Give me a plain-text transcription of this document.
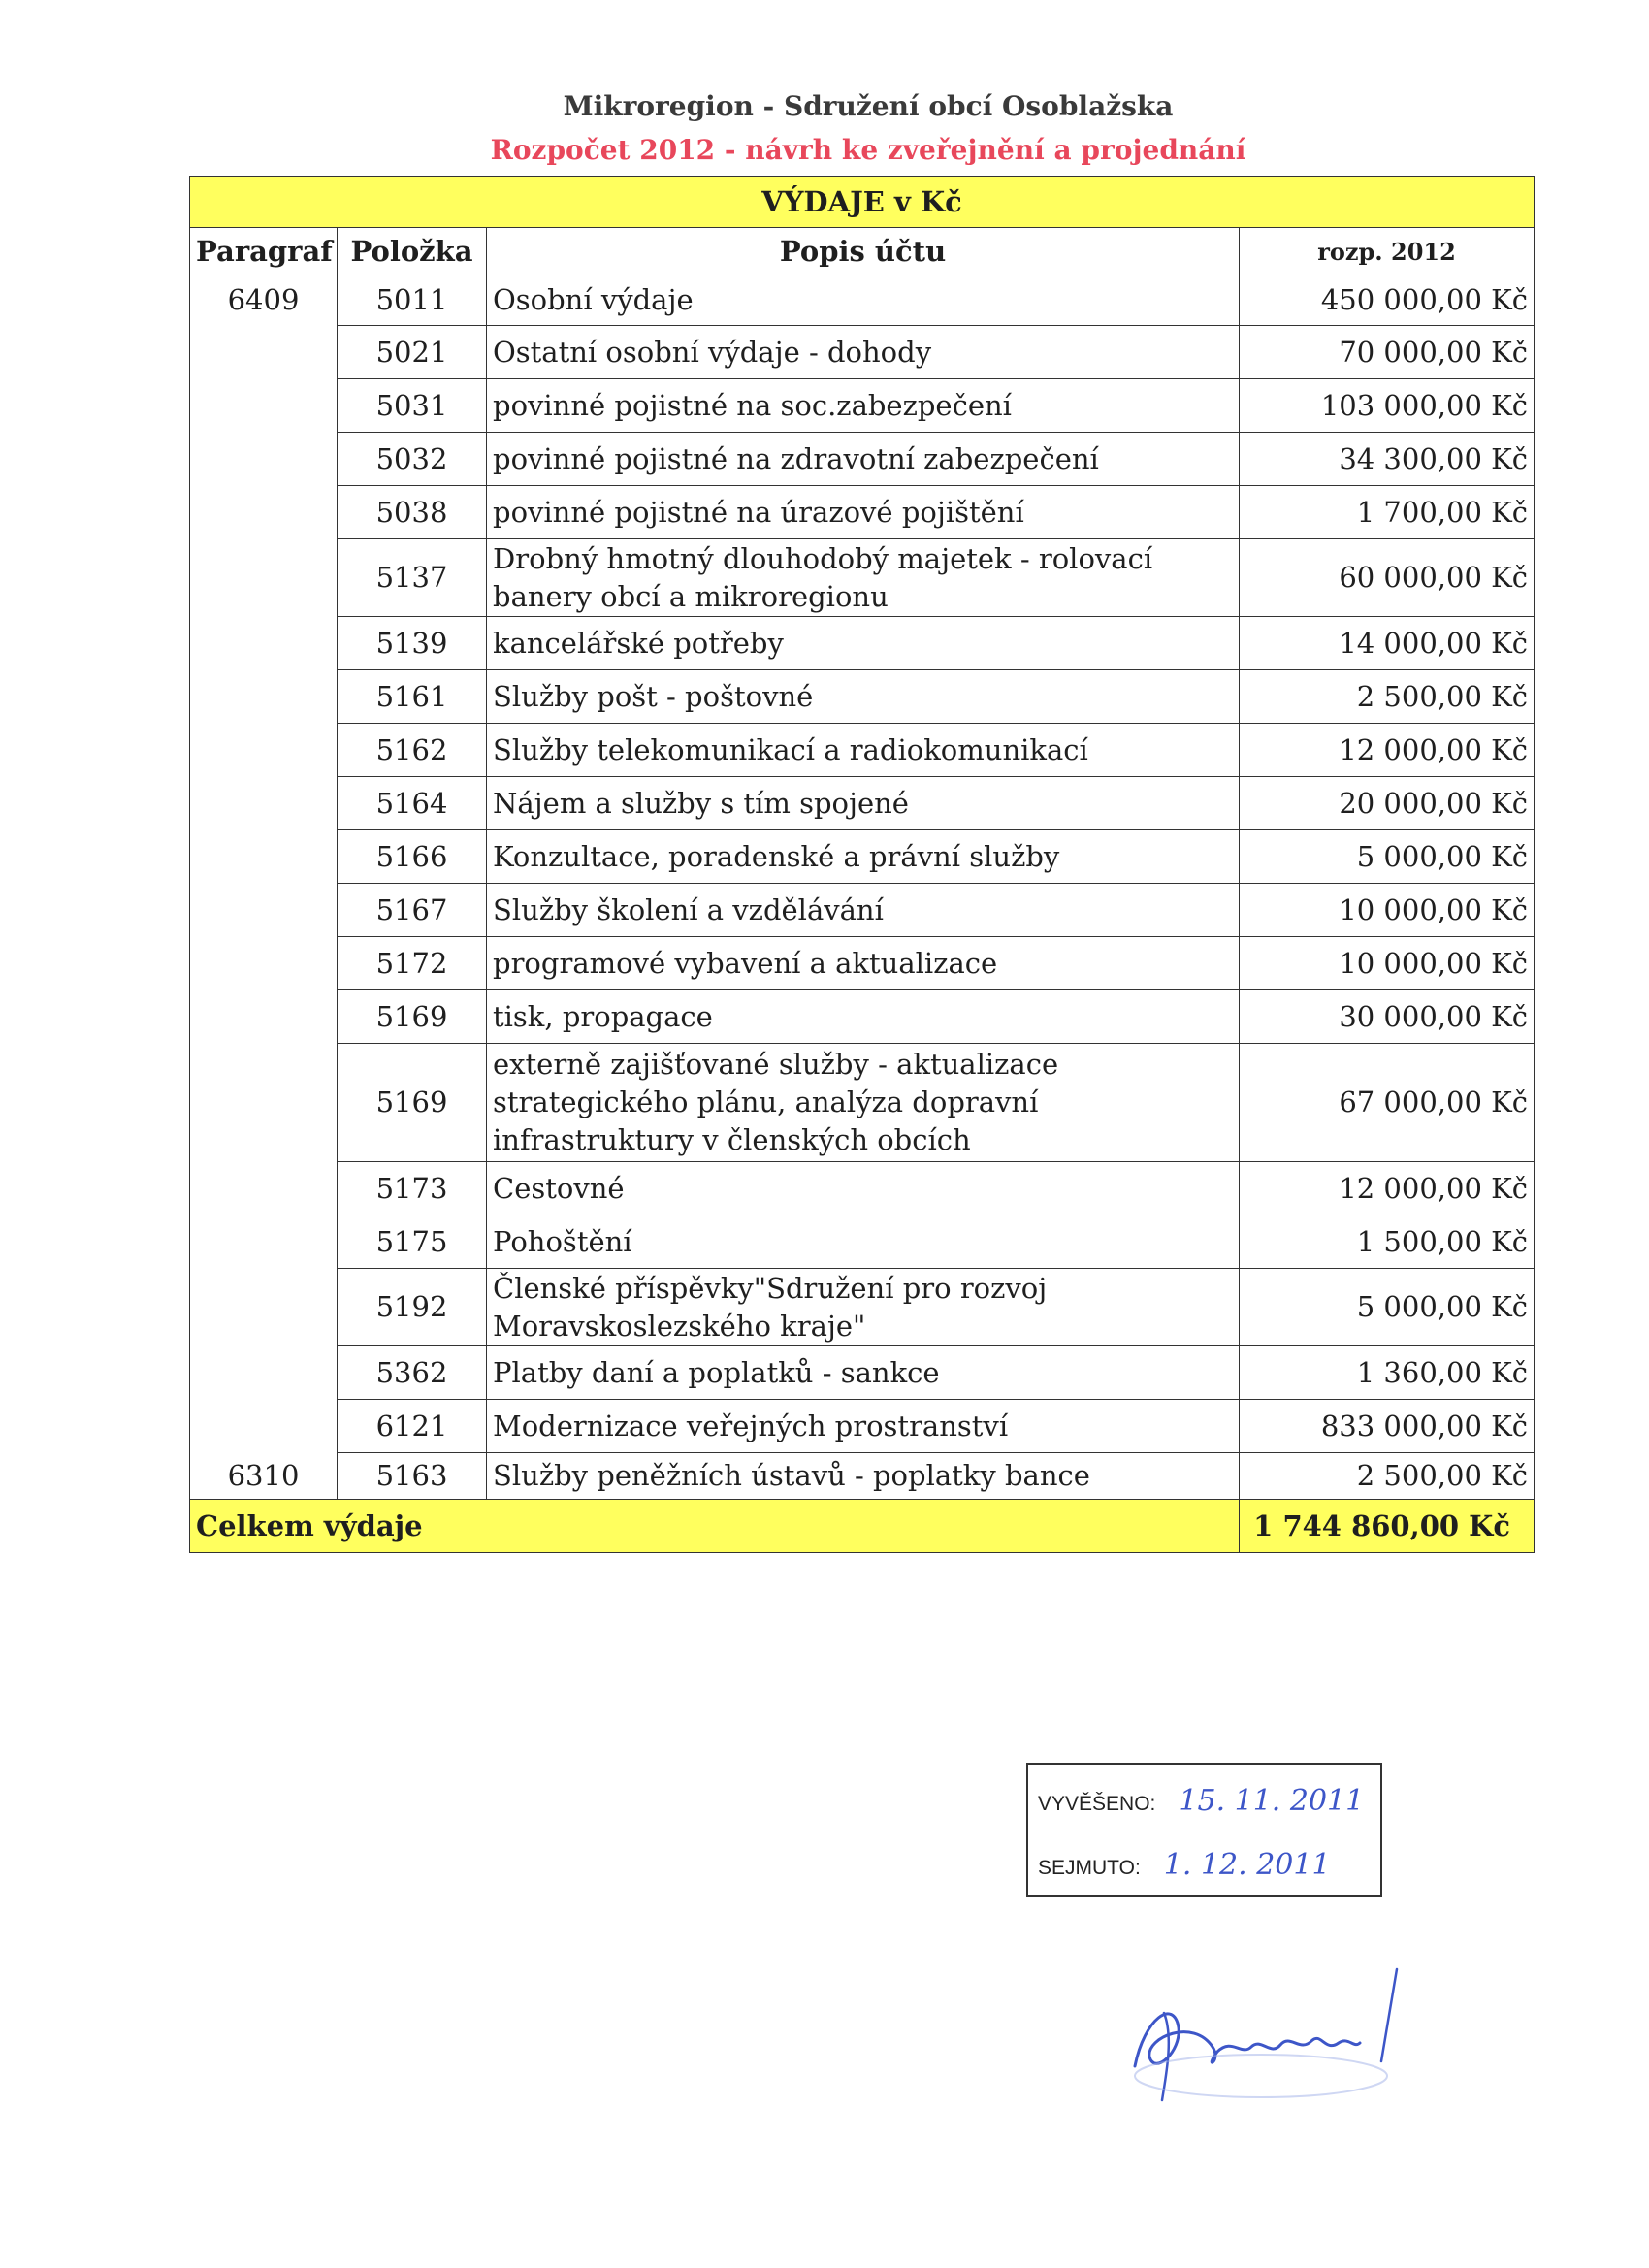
Mikroregion - Sdružení obcí Osoblažska
Rozpočet 2012 - návrh ke zveřejnění a projednání
VÝDAJE v Kč			
Paragraf	Položka	Popis účtu	rozp. 2012
6409	5011	Osobní výdaje	450 000,00 Kč
	5021	Ostatní osobní výdaje - dohody	70 000,00 Kč
	5031	povinné pojistné na soc.zabezpečení	103 000,00 Kč
	5032	povinné pojistné na zdravotní zabezpečení	34 300,00 Kč
	5038	povinné pojistné na úrazové pojištění	1 700,00 Kč
	5137	Drobný hmotný dlouhodobý majetek - rolovací banery obcí a mikroregionu	60 000,00 Kč
	5139	kancelářské potřeby	14 000,00 Kč
	5161	Služby pošt - poštovné	2 500,00 Kč
	5162	Služby telekomunikací a radiokomunikací	12 000,00 Kč
	5164	Nájem a služby s tím spojené	20 000,00 Kč
	5166	Konzultace, poradenské a právní služby	5 000,00 Kč
	5167	Služby školení a vzdělávání	10 000,00 Kč
	5172	programové vybavení a aktualizace	10 000,00 Kč
	5169	tisk, propagace	30 000,00 Kč
	5169	externě zajišťované služby - aktualizace strategického plánu, analýza dopravní infrastruktury v členských obcích	67 000,00 Kč
	5173	Cestovné	12 000,00 Kč
	5175	Pohoštění	1 500,00 Kč
	5192	Členské příspěvky"Sdružení pro rozvoj Moravskoslezského kraje"	5 000,00 Kč
	5362	Platby daní a poplatků - sankce	1 360,00 Kč
	6121	Modernizace veřejných prostranství	833 000,00 Kč
6310	5163	Služby peněžních ústavů - poplatky bance	2 500,00 Kč
Celkem výdaje			1 744 860,00 Kč
VYVĚŠENO: 15. 11. 2011
SEJMUTO: 1. 12. 2011
